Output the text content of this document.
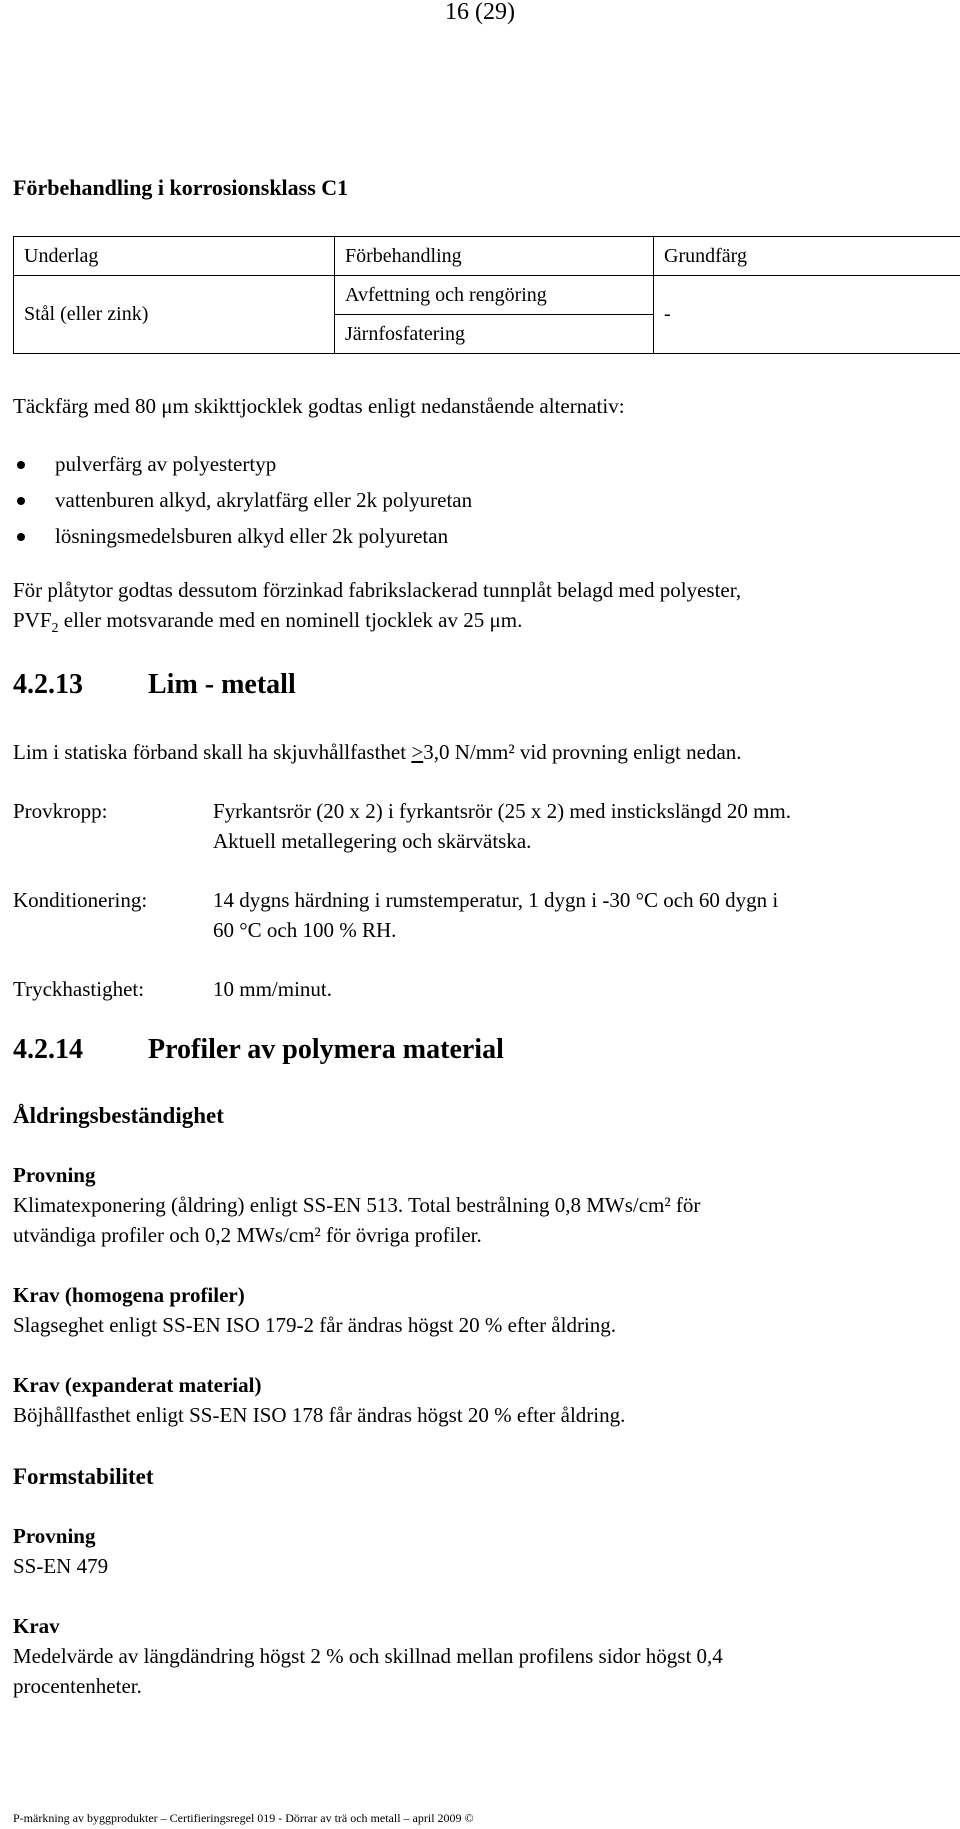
16 (29)
Förbehandling i korrosionsklass C1
Underlag	Förbehandling	Grundfärg
Stål (eller zink)	Avfettning och rengöring	-
	Järnfosfatering	

Täckfärg med 80 μm skikttjocklek godtas enligt nedanstående alternativ:

pulverfärg av polyestertyp
vattenburen alkyd, akrylatfärg eller 2k polyuretan
lösningsmedelsburen alkyd eller 2k polyuretan

För plåtytor godtas dessutom förzinkad fabrikslackerad tunnplåt belagd med polyester,

$PVF_2$ eller motsvarande med en nominell tjocklek av 25 μm.

4.2.13 Lim - metall

Lim i statiska förband skall ha skjuvhållfasthet >3,0 N/mm² vid provning enligt nedan.

Provkropp:	Fyrkantsrör (20 x 2) i fyrkantsrör (25 x 2) med instickslängd 20 mm.
Aktuell metallegering och skärvätska.
Konditionering:	14 dygns härdning i rumstemperatur, 1 dygn i -30 °C och 60 dygn i
60 °C och 100 % RH.
Tryckhastighet:	10 mm/minut.
4.2.14 Profiler av polymera material
Åldringsbeständighet

Provning

Klimatexponering (åldring) enligt SS-EN 513. Total bestrålning 0,8 MWs/cm² för

utvändiga profiler och 0,2 MWs/cm² för övriga profiler.

Krav (homogena profiler)

Slagseghet enligt SS-EN ISO 179-2 får ändras högst 20 % efter åldring.

Krav (expanderat material)

Böjhållfasthet enligt SS-EN ISO 178 får ändras högst 20 % efter åldring.

Formstabilitet

Provning

SS-EN 479

Krav

Medelvärde av längdändring högst 2 % och skillnad mellan profilens sidor högst 0,4

procentenheter.

P-märkning av byggprodukter – Certifieringsregel 019 - Dörrar av trä och metall – april 2009 ©
